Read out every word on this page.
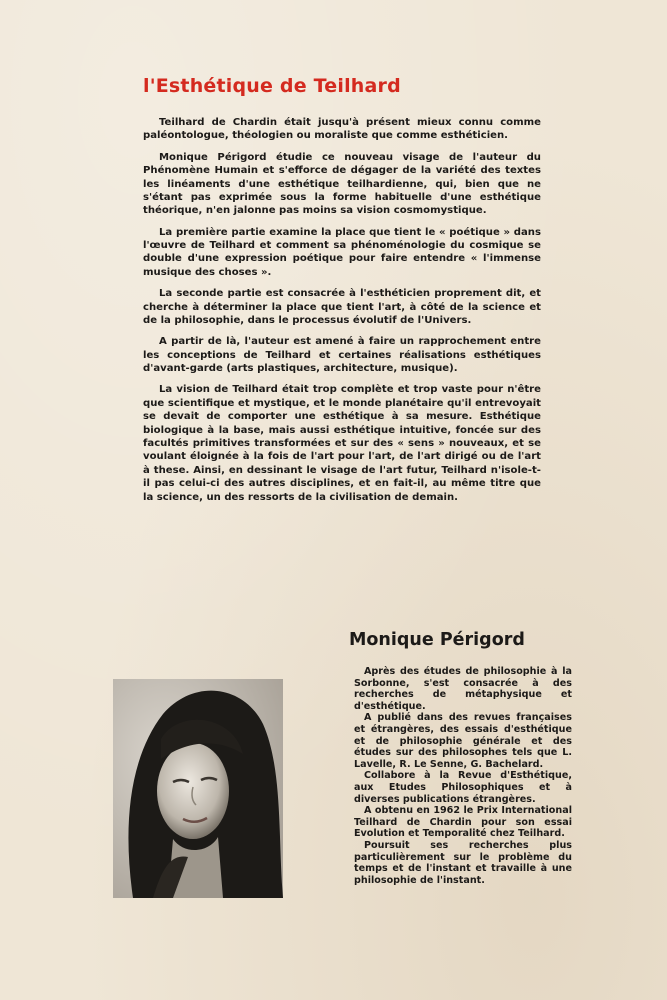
l'Esthétique de Teilhard

Teilhard de Chardin était jusqu'à présent mieux connu comme paléontologue, théologien ou moraliste que comme esthéticien.

Monique Périgord étudie ce nouveau visage de l'auteur du Phénomène Humain et s'efforce de dégager de la variété des textes les linéaments d'une esthétique teilhardienne, qui, bien que ne s'étant pas exprimée sous la forme habituelle d'une esthétique théorique, n'en jalonne pas moins sa vision cosmomystique.

La première partie examine la place que tient le « poétique » dans l'œuvre de Teilhard et comment sa phénoménologie du cosmique se double d'une expression poétique pour faire entendre « l'immense musique des choses ».

La seconde partie est consacrée à l'esthéticien proprement dit, et cherche à déterminer la place que tient l'art, à côté de la science et de la philosophie, dans le processus évolutif de l'Univers.

A partir de là, l'auteur est amené à faire un rapprochement entre les conceptions de Teilhard et certaines réalisations esthétiques d'avant-garde (arts plastiques, architecture, musique).

La vision de Teilhard était trop complète et trop vaste pour n'être que scientifique et mystique, et le monde planétaire qu'il entrevoyait se devait de comporter une esthétique à sa mesure. Esthétique biologique à la base, mais aussi esthétique intuitive, foncée sur des facultés primitives transformées et sur des « sens » nouveaux, et se voulant éloignée à la fois de l'art pour l'art, de l'art dirigé ou de l'art à these. Ainsi, en dessinant le visage de l'art futur, Teilhard n'isole-t-il pas celui-ci des autres disciplines, et en fait-il, au même titre que la science, un des ressorts de la civilisation de demain.

Monique Périgord

Après des études de philosophie à la Sorbonne, s'est consacrée à des recherches de métaphysique et d'esthétique.

A publié dans des revues françaises et étrangères, des essais d'esthétique et de philosophie générale et des études sur des philosophes tels que L. Lavelle, R. Le Senne, G. Bachelard.

Collabore à la Revue d'Esthétique, aux Etudes Philosophiques et à diverses publications étrangères.

A obtenu en 1962 le Prix International Teilhard de Chardin pour son essai Evolution et Temporalité chez Teilhard.

Poursuit ses recherches plus particulièrement sur le problème du temps et de l'instant et travaille à une philosophie de l'instant.
